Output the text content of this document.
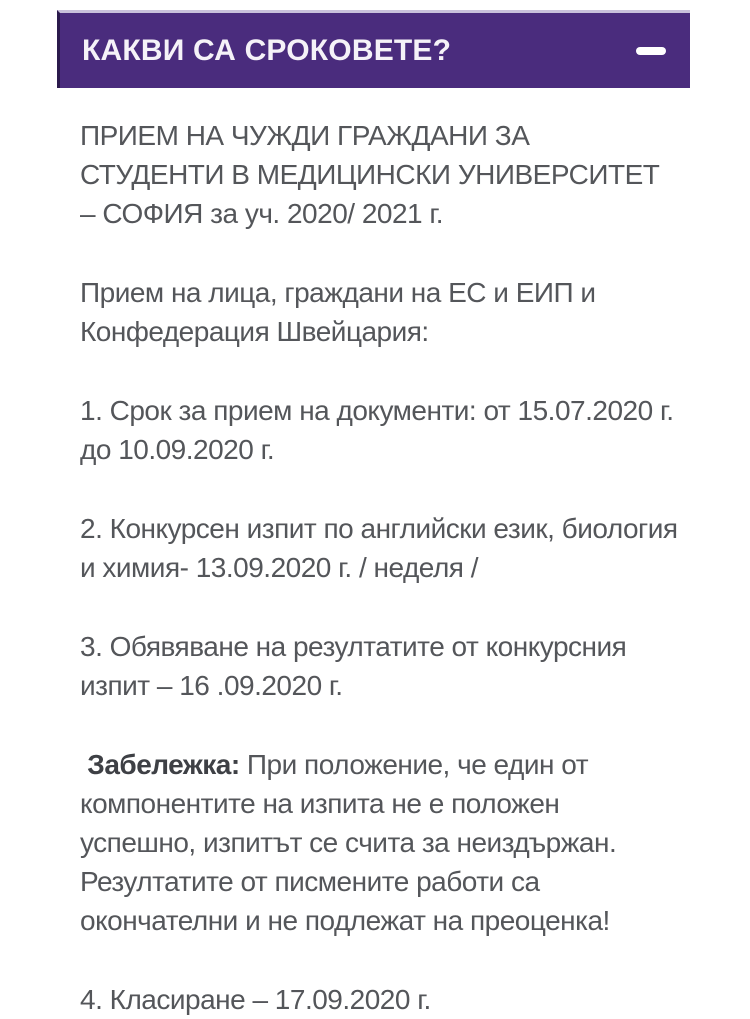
КАКВИ СА СРОКОВЕТЕ?

ПРИЕМ НА ЧУЖДИ ГРАЖДАНИ ЗА СТУДЕНТИ В МЕДИЦИНСКИ УНИВЕРСИТЕТ – СОФИЯ за уч. 2020/ 2021 г.

Прием на лица, граждани на ЕС и ЕИП и Конфедерация Швейцария:

1. Срок за прием на документи: от 15.07.2020 г. до 10.09.2020 г.

2. Конкурсен изпит по английски език, биология и химия- 13.09.2020 г. / неделя /

3. Обявяване на резултатите от конкурсния изпит – 16 .09.2020 г.

Забележка: При положение, че един от компонентите на изпита не е положен успешно, изпитът се счита за неиздържан. Резултатите от писмените работи са окончателни и не подлежат на преоценка!

4. Класиране – 17.09.2020 г.
